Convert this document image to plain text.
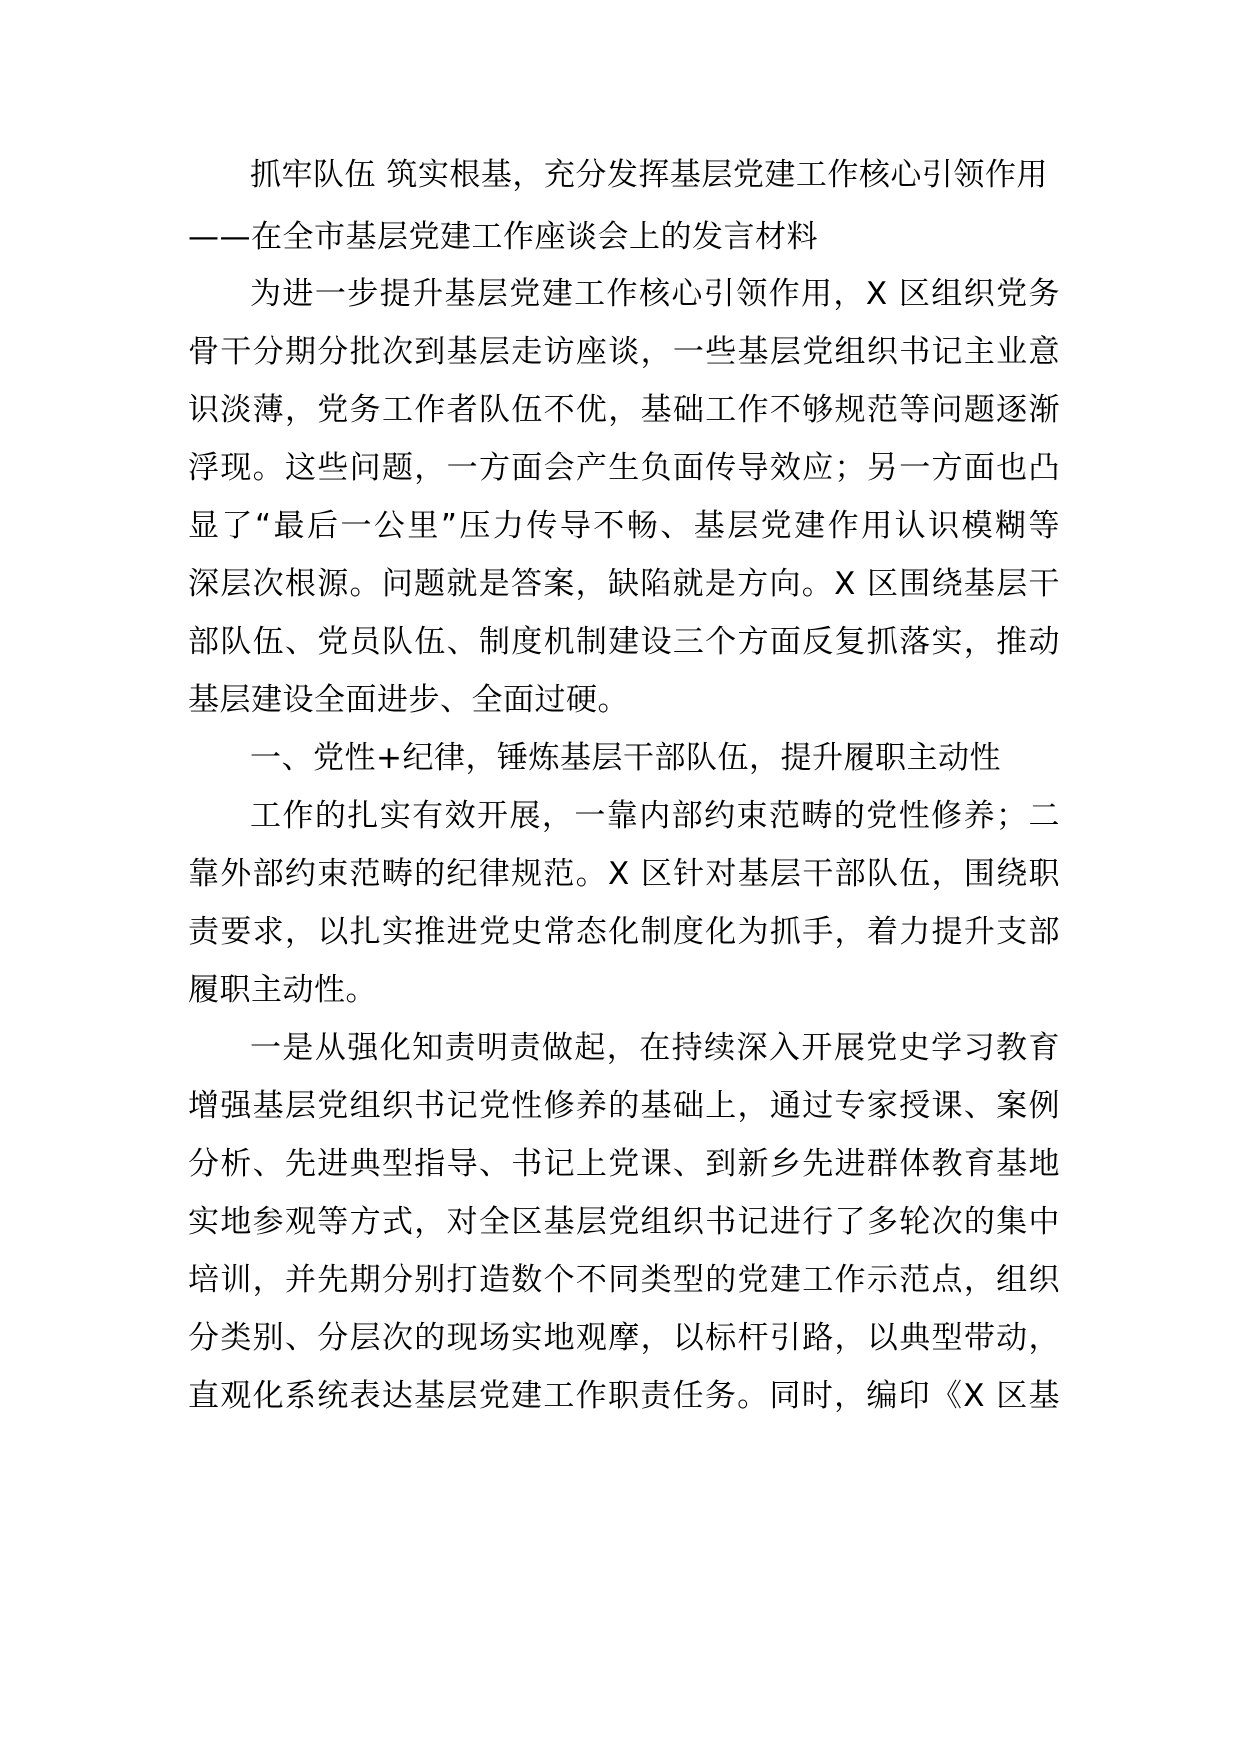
抓牢队伍 筑实根基，充分发挥基层党建工作核心引领作用
——在全市基层党建工作座谈会上的发言材料
为进一步提升基层党建工作核心引领作用，X 区组织党务
骨干分期分批次到基层走访座谈，一些基层党组织书记主业意
识淡薄，党务工作者队伍不优，基础工作不够规范等问题逐渐
浮现。这些问题，一方面会产生负面传导效应；另一方面也凸
显了“最后一公里”压力传导不畅、基层党建作用认识模糊等
深层次根源。问题就是答案，缺陷就是方向。X 区围绕基层干
部队伍、党员队伍、制度机制建设三个方面反复抓落实，推动
基层建设全面进步、全面过硬。
一、党性+纪律，锤炼基层干部队伍，提升履职主动性
工作的扎实有效开展，一靠内部约束范畴的党性修养；二
靠外部约束范畴的纪律规范。X 区针对基层干部队伍，围绕职
责要求，以扎实推进党史常态化制度化为抓手，着力提升支部
履职主动性。
一是从强化知责明责做起，在持续深入开展党史学习教育
增强基层党组织书记党性修养的基础上，通过专家授课、案例
分析、先进典型指导、书记上党课、到新乡先进群体教育基地
实地参观等方式，对全区基层党组织书记进行了多轮次的集中
培训，并先期分别打造数个不同类型的党建工作示范点，组织
分类别、分层次的现场实地观摩，以标杆引路，以典型带动，
直观化系统表达基层党建工作职责任务。同时，编印《X 区基
